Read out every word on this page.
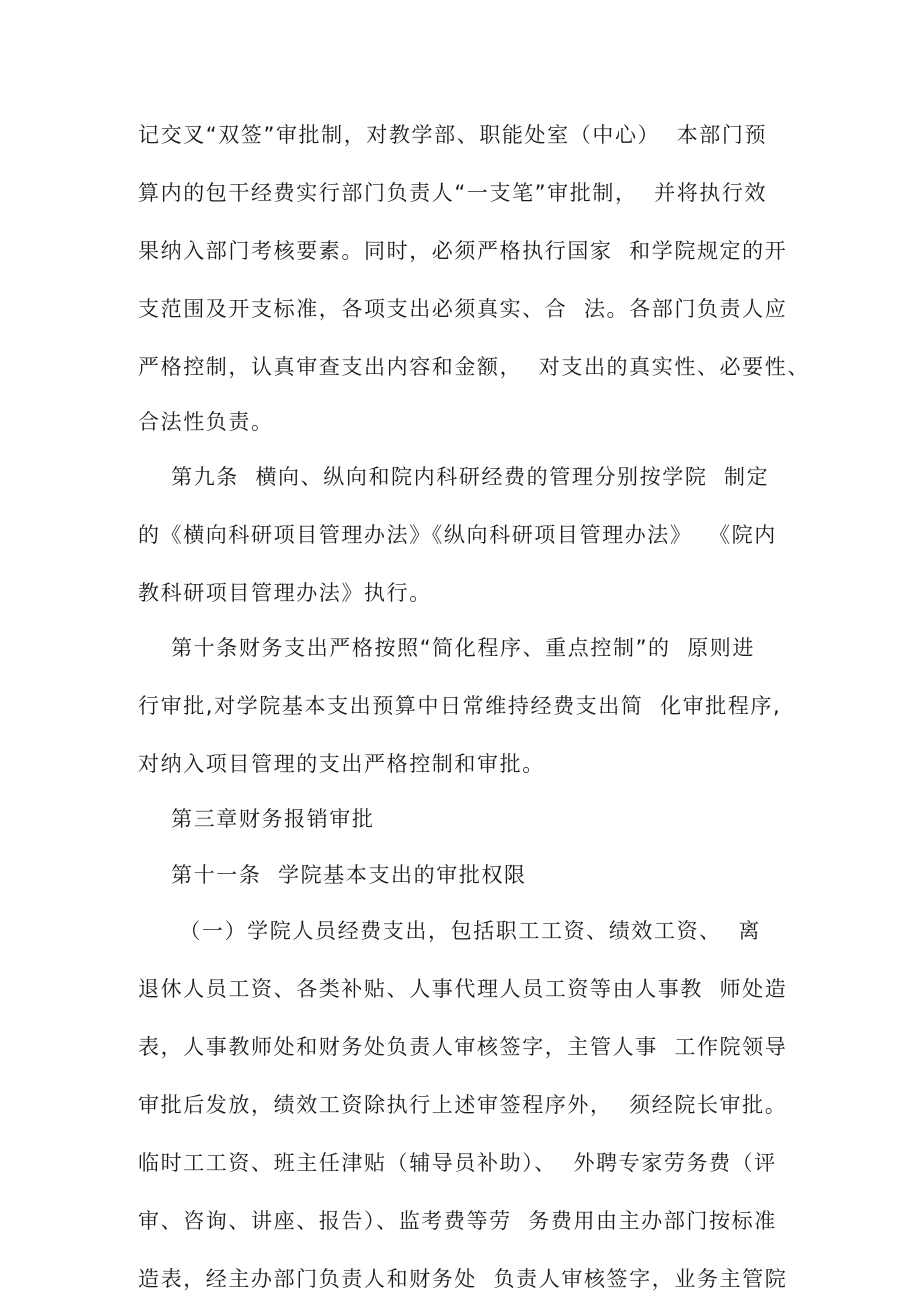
记交叉“双签”审批制，对教学部、职能处室（中心）  本部门预
算内的包干经费实行部门负责人“一支笔”审批制，  并将执行效
果纳入部门考核要素。同时，必须严格执行国家  和学院规定的开
支范围及开支标准，各项支出必须真实、合  法。各部门负责人应
严格控制，认真审查支出内容和金额，  对支出的真实性、必要性、
合法性负责。
第九条  横向、纵向和院内科研经费的管理分别按学院  制定
的《横向科研项目管理办法》《纵向科研项目管理办法》  《院内
教科研项目管理办法》执行。
第十条财务支出严格按照“简化程序、重点控制”的  原则进
行审批,对学院基本支出预算中日常维持经费支出简  化审批程序,
对纳入项目管理的支出严格控制和审批。
第三章财务报销审批
第十一条  学院基本支出的审批权限
（一）学院人员经费支出，包括职工工资、绩效工资、  离
退休人员工资、各类补贴、人事代理人员工资等由人事教  师处造
表，人事教师处和财务处负责人审核签字，主管人事  工作院领导
审批后发放，绩效工资除执行上述审签程序外，  须经院长审批。
临时工工资、班主任津贴（辅导员补助）、  外聘专家劳务费（评
审、咨询、讲座、报告）、监考费等劳  务费用由主办部门按标准
造表，经主办部门负责人和财务处  负责人审核签字，业务主管院
